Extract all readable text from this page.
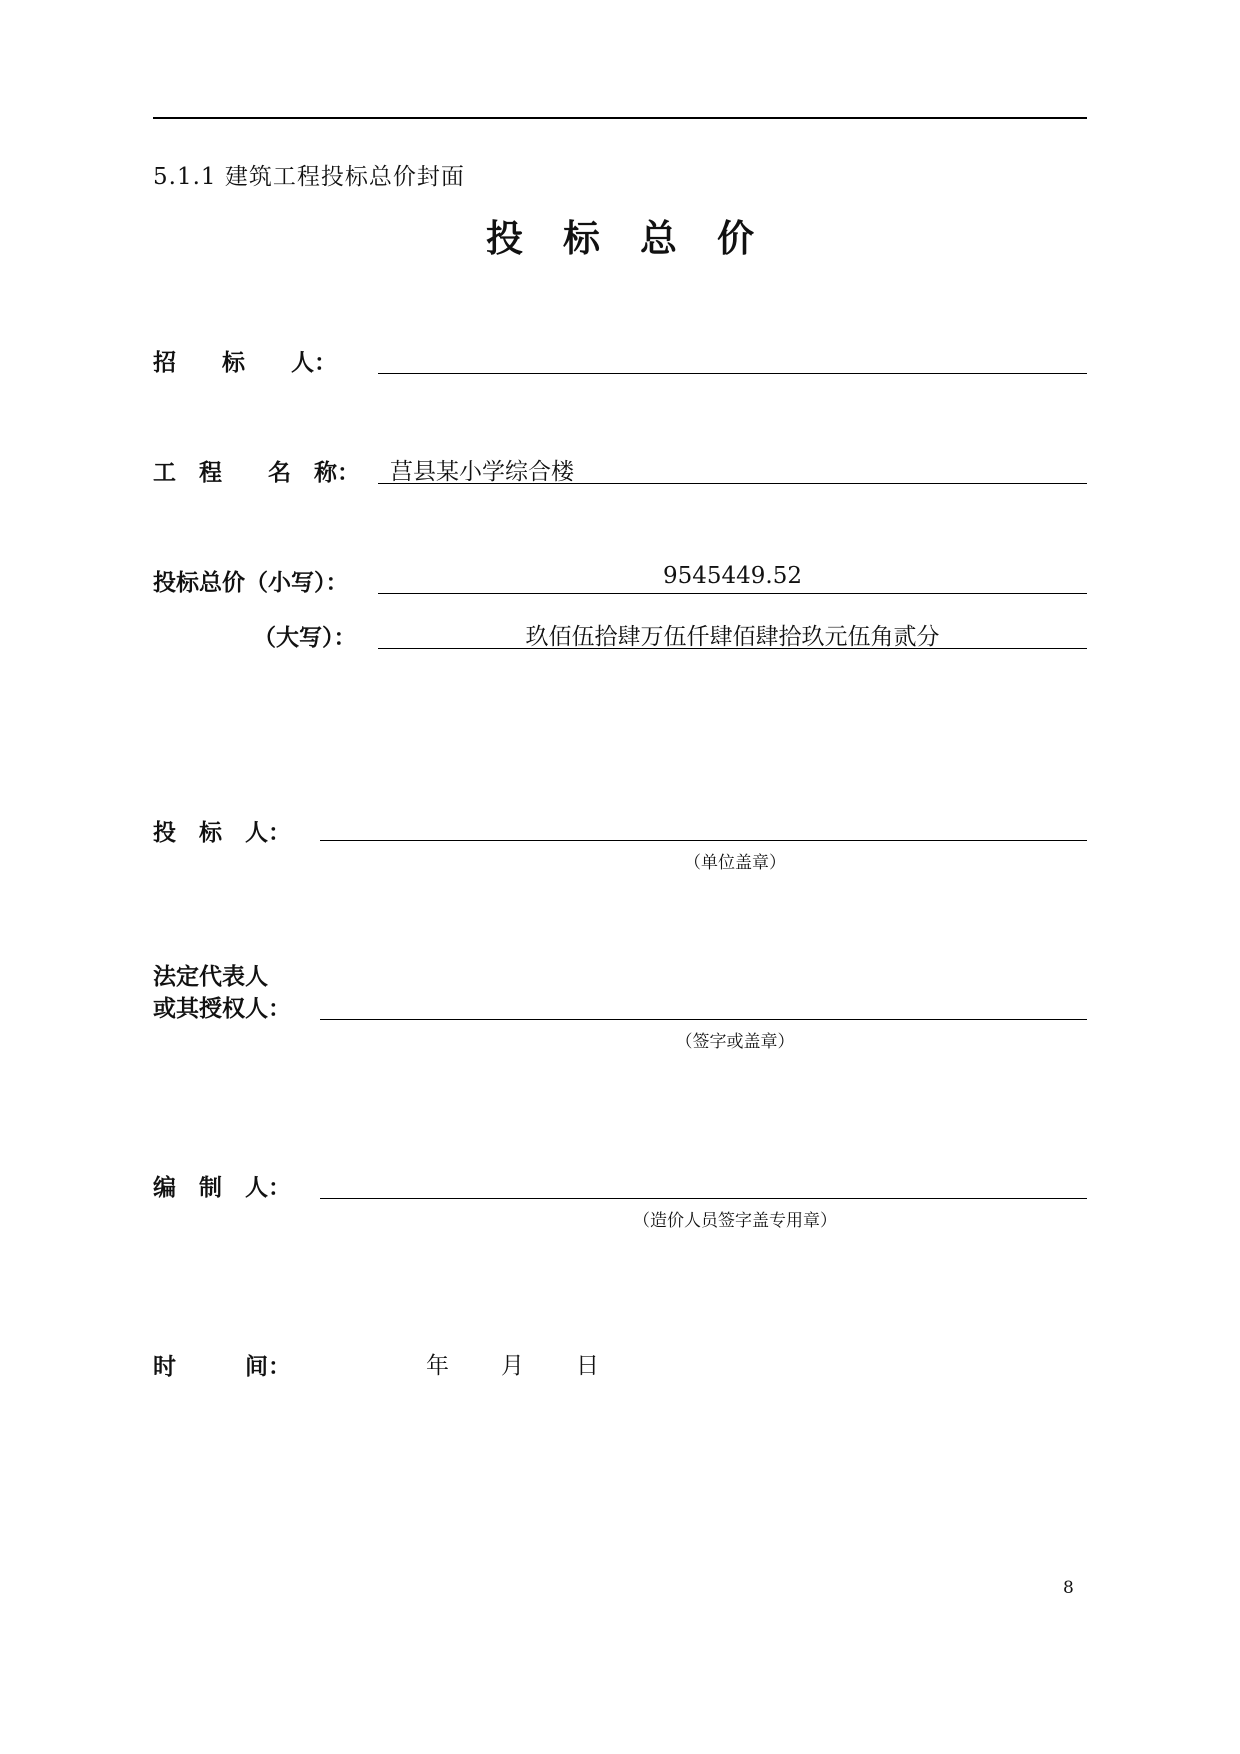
5.1.1 建筑工程投标总价封面
投标总价
招　　标　　人：
工　程　　名　称： 莒县某小学综合楼
投标总价（小写）：	9545449.52
（大写）：	玖佰伍拾肆万伍仟肆佰肆拾玖元伍角贰分
投　标　人：
（单位盖章）
法定代表人
或其授权人：
（签字或盖章）
编　制　人：
（造价人员签字盖专用章）
时　　　间：	年 月 日
8
